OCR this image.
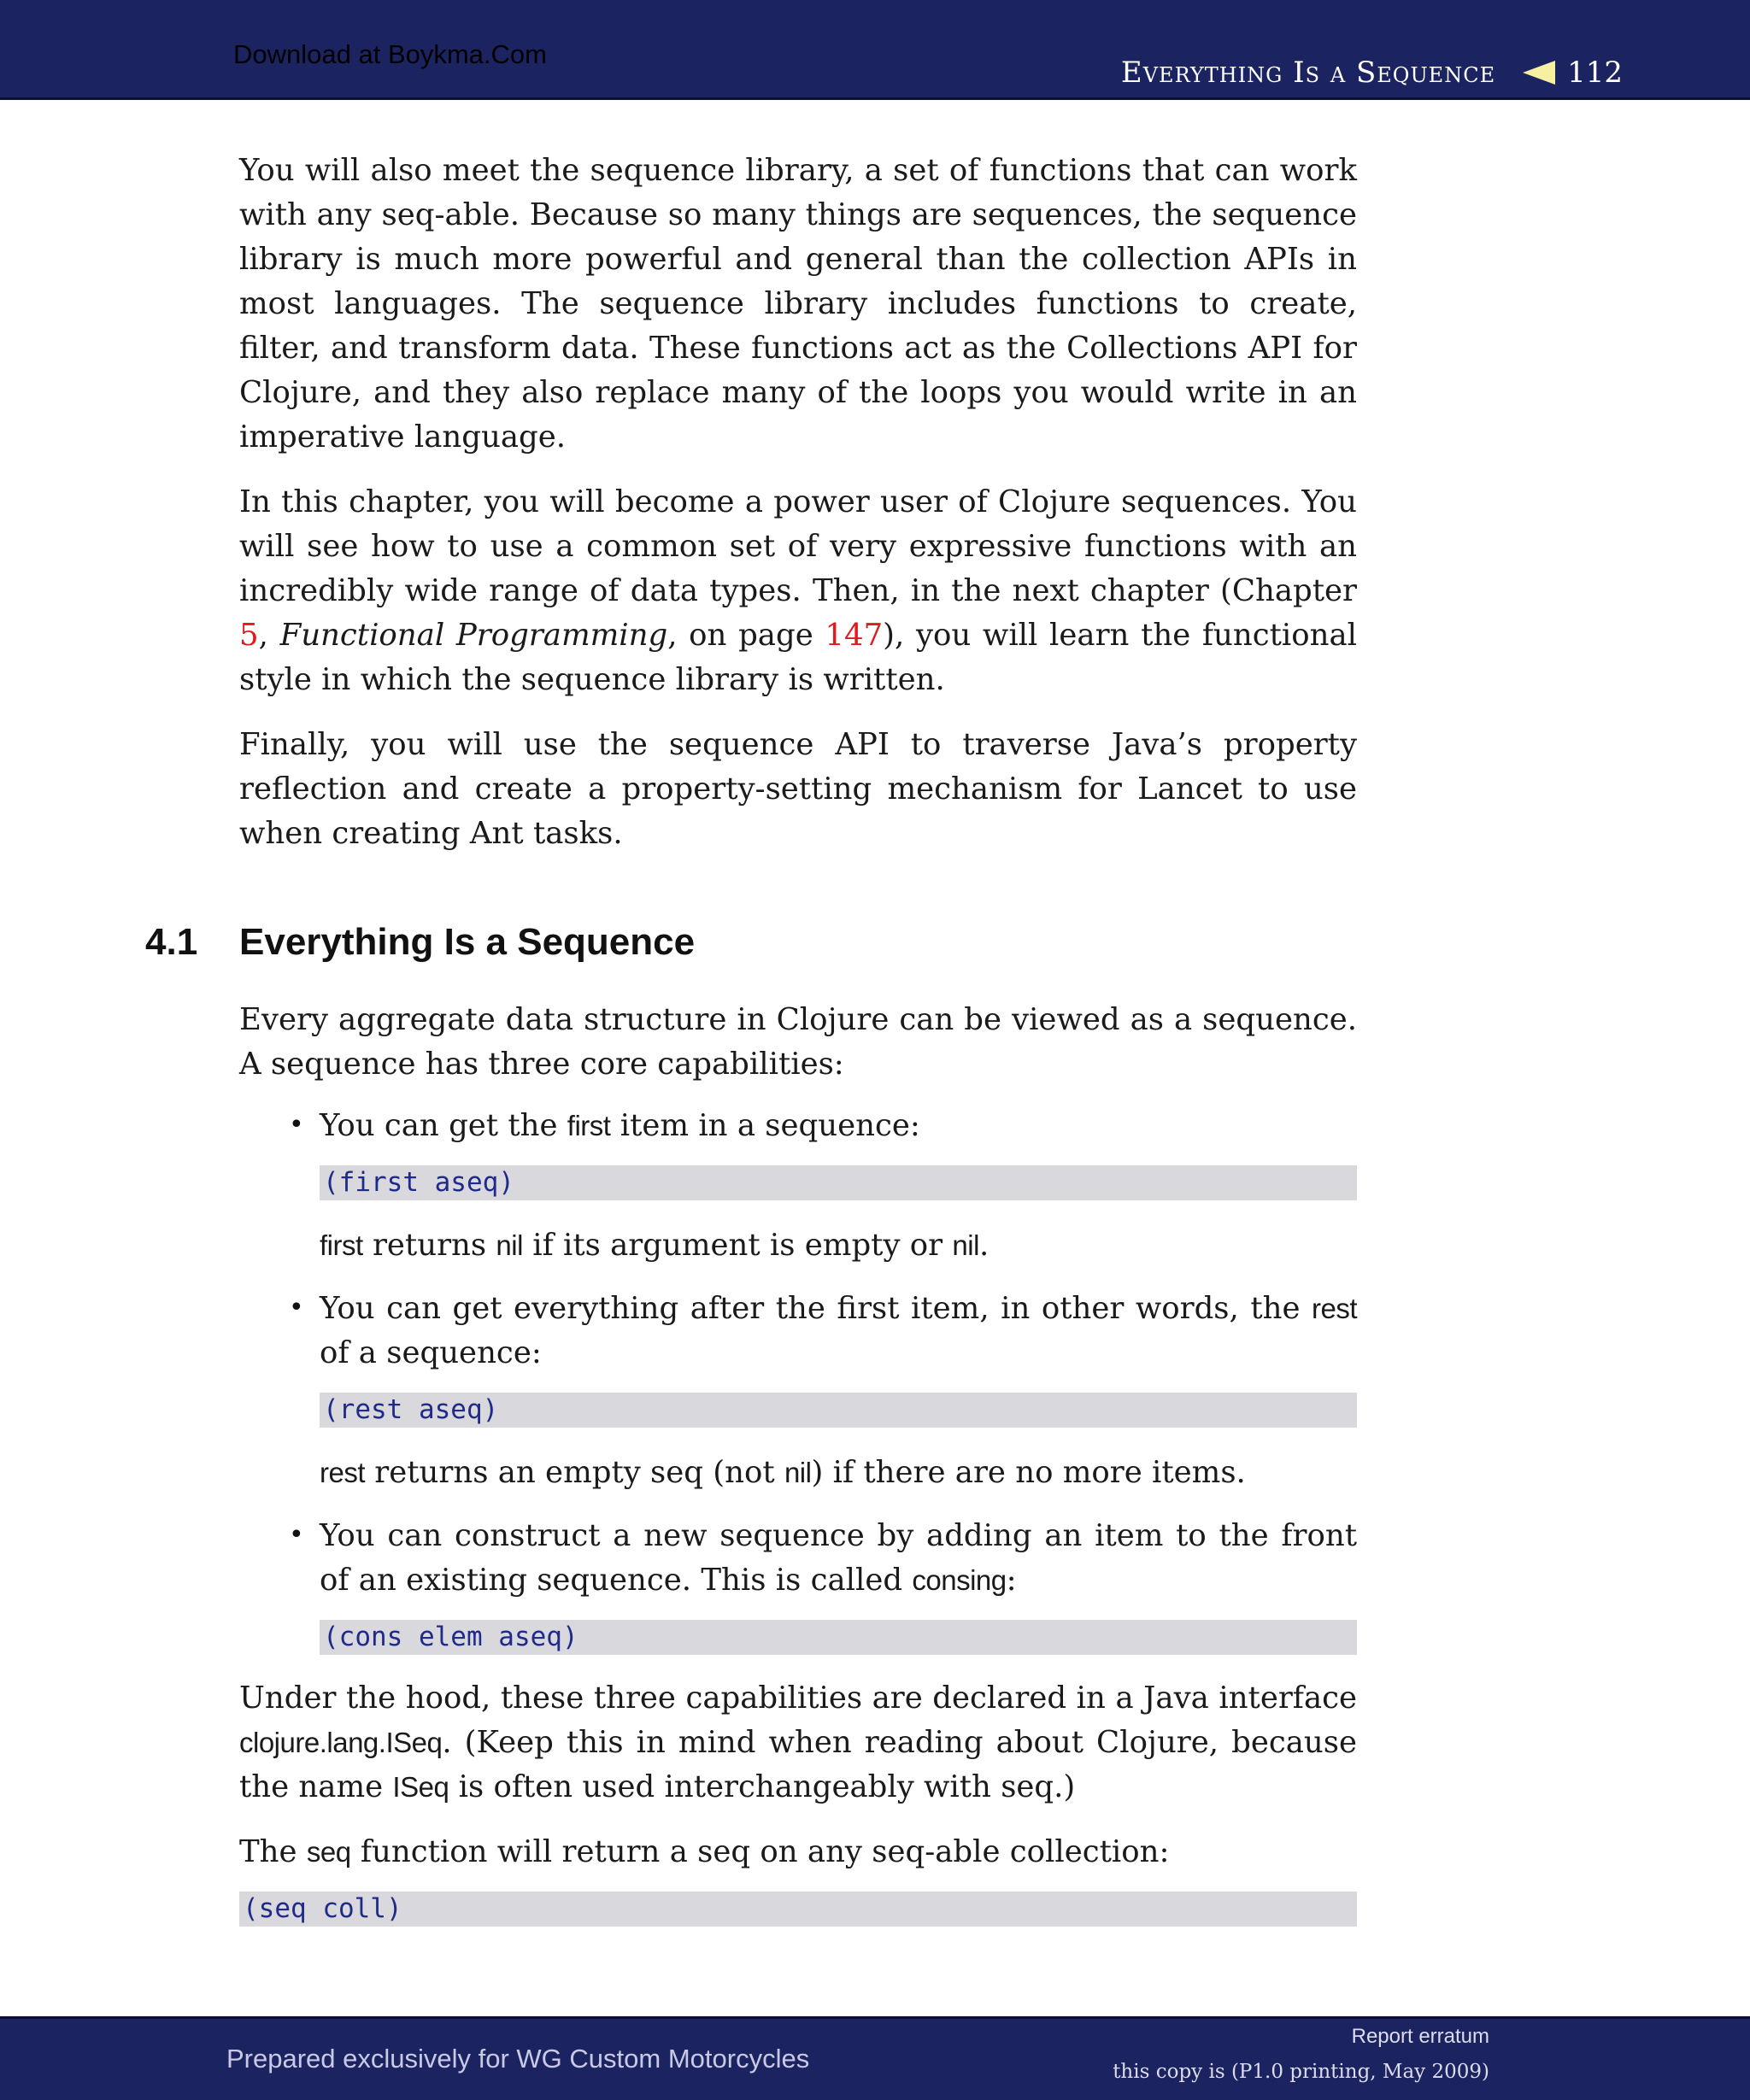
Download at Boykma.Com
Everything Is a Sequence 112

You will also meet the sequence library, a set of functions that can work with any seq-able. Because so many things are sequences, the sequence library is much more powerful and general than the collection APIs in most languages. The sequence library includes functions to create, filter, and transform data. These functions act as the Collections API for Clojure, and they also replace many of the loops you would write in an imperative language.

In this chapter, you will become a power user of Clojure sequences. You will see how to use a common set of very expressive functions with an incredibly wide range of data types. Then, in the next chapter (Chapter 5, Functional Programming, on page 147), you will learn the functional style in which the sequence library is written.

Finally, you will use the sequence API to traverse Java’s property reflection and create a property-setting mechanism for Lancet to use when creating Ant tasks.

4.1 Everything Is a Sequence

Every aggregate data structure in Clojure can be viewed as a sequence. A sequence has three core capabilities:

• You can get the first item in a sequence:

(first aseq)

first returns nil if its argument is empty or nil.

• You can get everything after the first item, in other words, the rest of a sequence:

(rest aseq)

rest returns an empty seq (not nil) if there are no more items.

• You can construct a new sequence by adding an item to the front of an existing sequence. This is called consing:

(cons elem aseq)

Under the hood, these three capabilities are declared in a Java interface clojure.lang.ISeq. (Keep this in mind when reading about Clojure, because the name ISeq is often used interchangeably with seq.)

The seq function will return a seq on any seq-able collection:

(seq coll)
Prepared exclusively for WG Custom Motorcycles
Report erratum
this copy is (P1.0 printing, May 2009)
